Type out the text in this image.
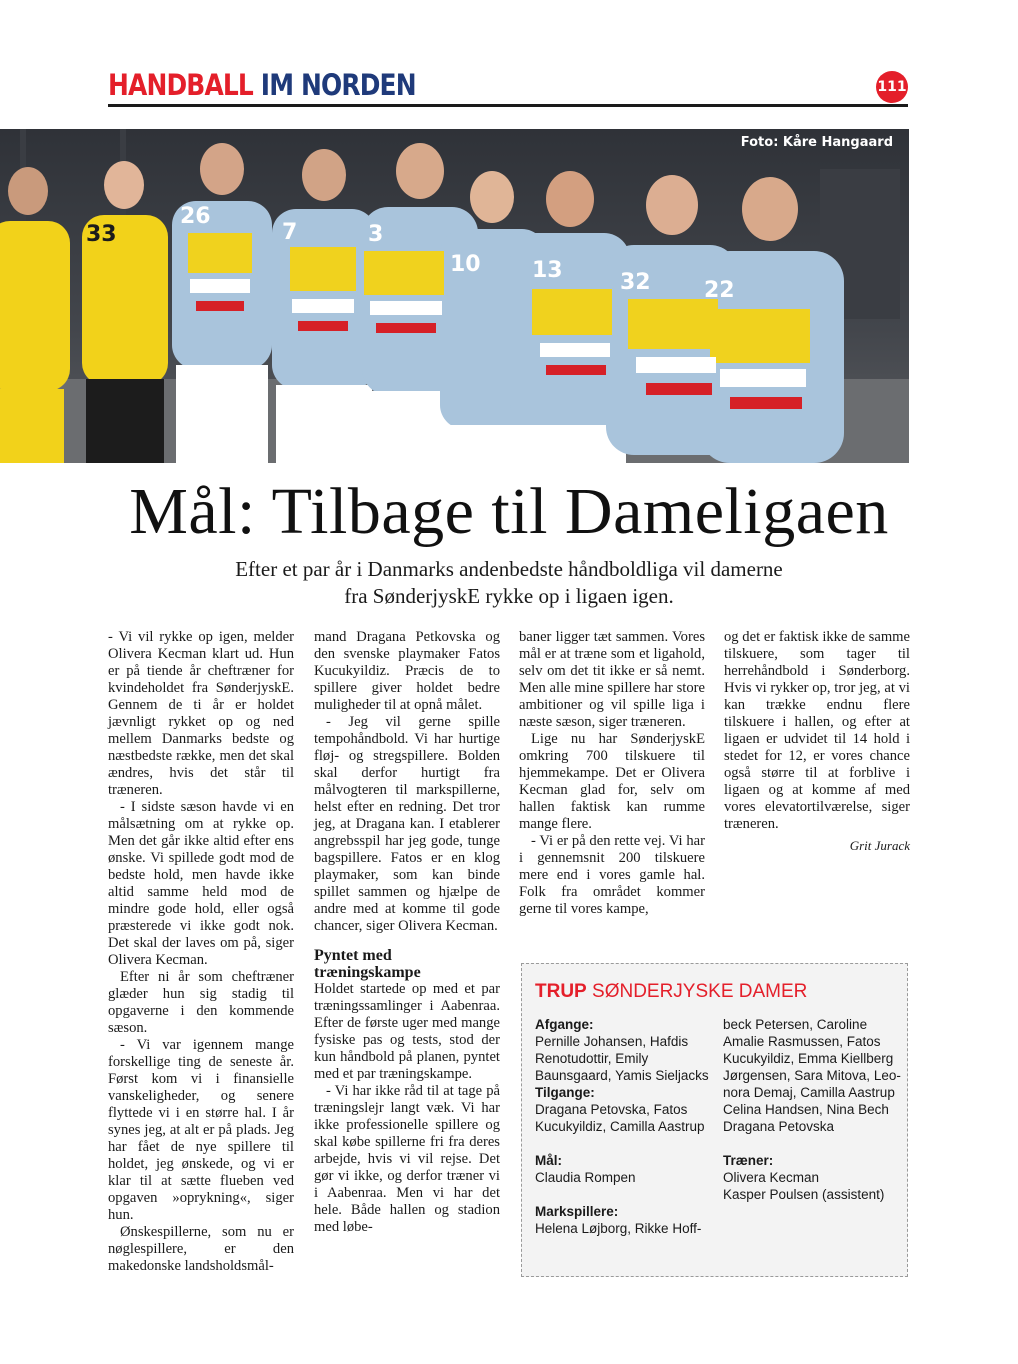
HANDBALL IM NORDEN	111
26
7	3
10 13	32 22
33
Foto: Kåre Hangaard
Mål: Tilbage til Dameligaen
Efter et par år i Danmarks andenbedste håndboldliga vil damerne
fra SønderjyskE rykke op i ligaen igen.

- Vi vil rykke op igen, melder Olivera Kecman klart ud. Hun er på tiende år cheftræner for kvindeholdet fra SønderjyskE. Gennem de ti år er holdet jævnligt rykket op og ned mellem Danmarks bedste og næstbedste række, men det skal ændres, hvis det står til træneren.

- I sidste sæson havde vi en målsætning om at rykke op. Men det går ikke altid efter ens ønske. Vi spillede godt mod de bedste hold, men havde ikke altid samme held mod de mindre gode hold, eller også præsterede vi ikke godt nok. Det skal der laves om på, siger Olivera Kecman.

Efter ni år som cheftræner glæder hun sig stadig til opgaverne i den kommende sæson.

- Vi var igennem mange forskellige ting de seneste år. Først kom vi i finansielle vanskeligheder, og senere flyttede vi i en større hal. I år synes jeg, at alt er på plads. Jeg har fået de nye spillere til holdet, jeg ønskede, og vi er klar til at sætte flueben ved opgaven »oprykning«, siger hun.

Ønskespillerne, som nu er nøglespillere, er den makedonske landsholdsmål-

mand Dragana Petkovska og den svenske playmaker Fatos Kucukyildiz. Præcis de to spillere giver holdet bedre muligheder til at opnå målet.

- Jeg vil gerne spille tempohåndbold. Vi har hurtige fløj- og stregspillere. Bolden skal derfor hurtigt fra målvogteren til markspillerne, helst efter en redning. Det tror jeg, at Dragana kan. I etablerer angrebsspil har jeg gode, tunge bagspillere. Fatos er en klog playmaker, som kan binde spillet sammen og hjælpe de andre med at komme til gode chancer, siger Olivera Kecman.

Pyntet med træningskampe

Holdet startede op med et par træningssamlinger i Aabenraa. Efter de første uger med mange fysiske pas og tests, stod der kun håndbold på planen, pyntet med et par træningskampe.

- Vi har ikke råd til at tage på træningslejr langt væk. Vi har ikke professionelle spillere og skal købe spillerne fri fra deres arbejde, hvis vi vil rejse. Det gør vi ikke, og derfor træner vi i Aabenraa. Men vi har det hele. Både hallen og stadion med løbe-

baner ligger tæt sammen. Vores mål er at træne som et ligahold, selv om det tit ikke er så nemt. Men alle mine spillere har store ambitioner og vil spille liga i næste sæson, siger træneren.

Lige nu har SønderjyskE omkring 700 tilskuere til hjemmekampe. Det er Olivera Kecman glad for, selv om hallen faktisk kan rumme mange flere.

- Vi er på den rette vej. Vi har i gennemsnit 200 tilskuere mere end i vores gamle hal. Folk fra området kommer gerne til vores kampe,

og det er faktisk ikke de samme tilskuere, som tager til herrehåndbold i Sønderborg. Hvis vi rykker op, tror jeg, at vi kan trække endnu flere tilskuere i hallen, og efter at ligaen er udvidet til 14 hold i stedet for 12, er vores chance også større til at forblive i ligaen og at komme af med vores elevatortilværelse, siger træneren.

Grit Jurack
TRUP SØNDERJYSKE DAMER
Afgange:
Pernille Johansen, Hafdis
Renotudottir, Emily Baunsgaard, Yamis Sieljacks
Tilgange:
Dragana Petovska, Fatos Kucukyildiz, Camilla Aastrup
Mål:
Claudia Rompen
Markspillere:
Helena Løjborg, Rikke Hoff-
beck Petersen, Caroline
Amalie Rasmussen, Fatos
Kucukyildiz, Emma Kiellberg
Jørgensen, Sara Mitova, Leo-
nora Demaj, Camilla Aastrup
Celina Handsen, Nina Bech
Dragana Petovska
Træner:
Olivera Kecman
Kasper Poulsen (assistent)
